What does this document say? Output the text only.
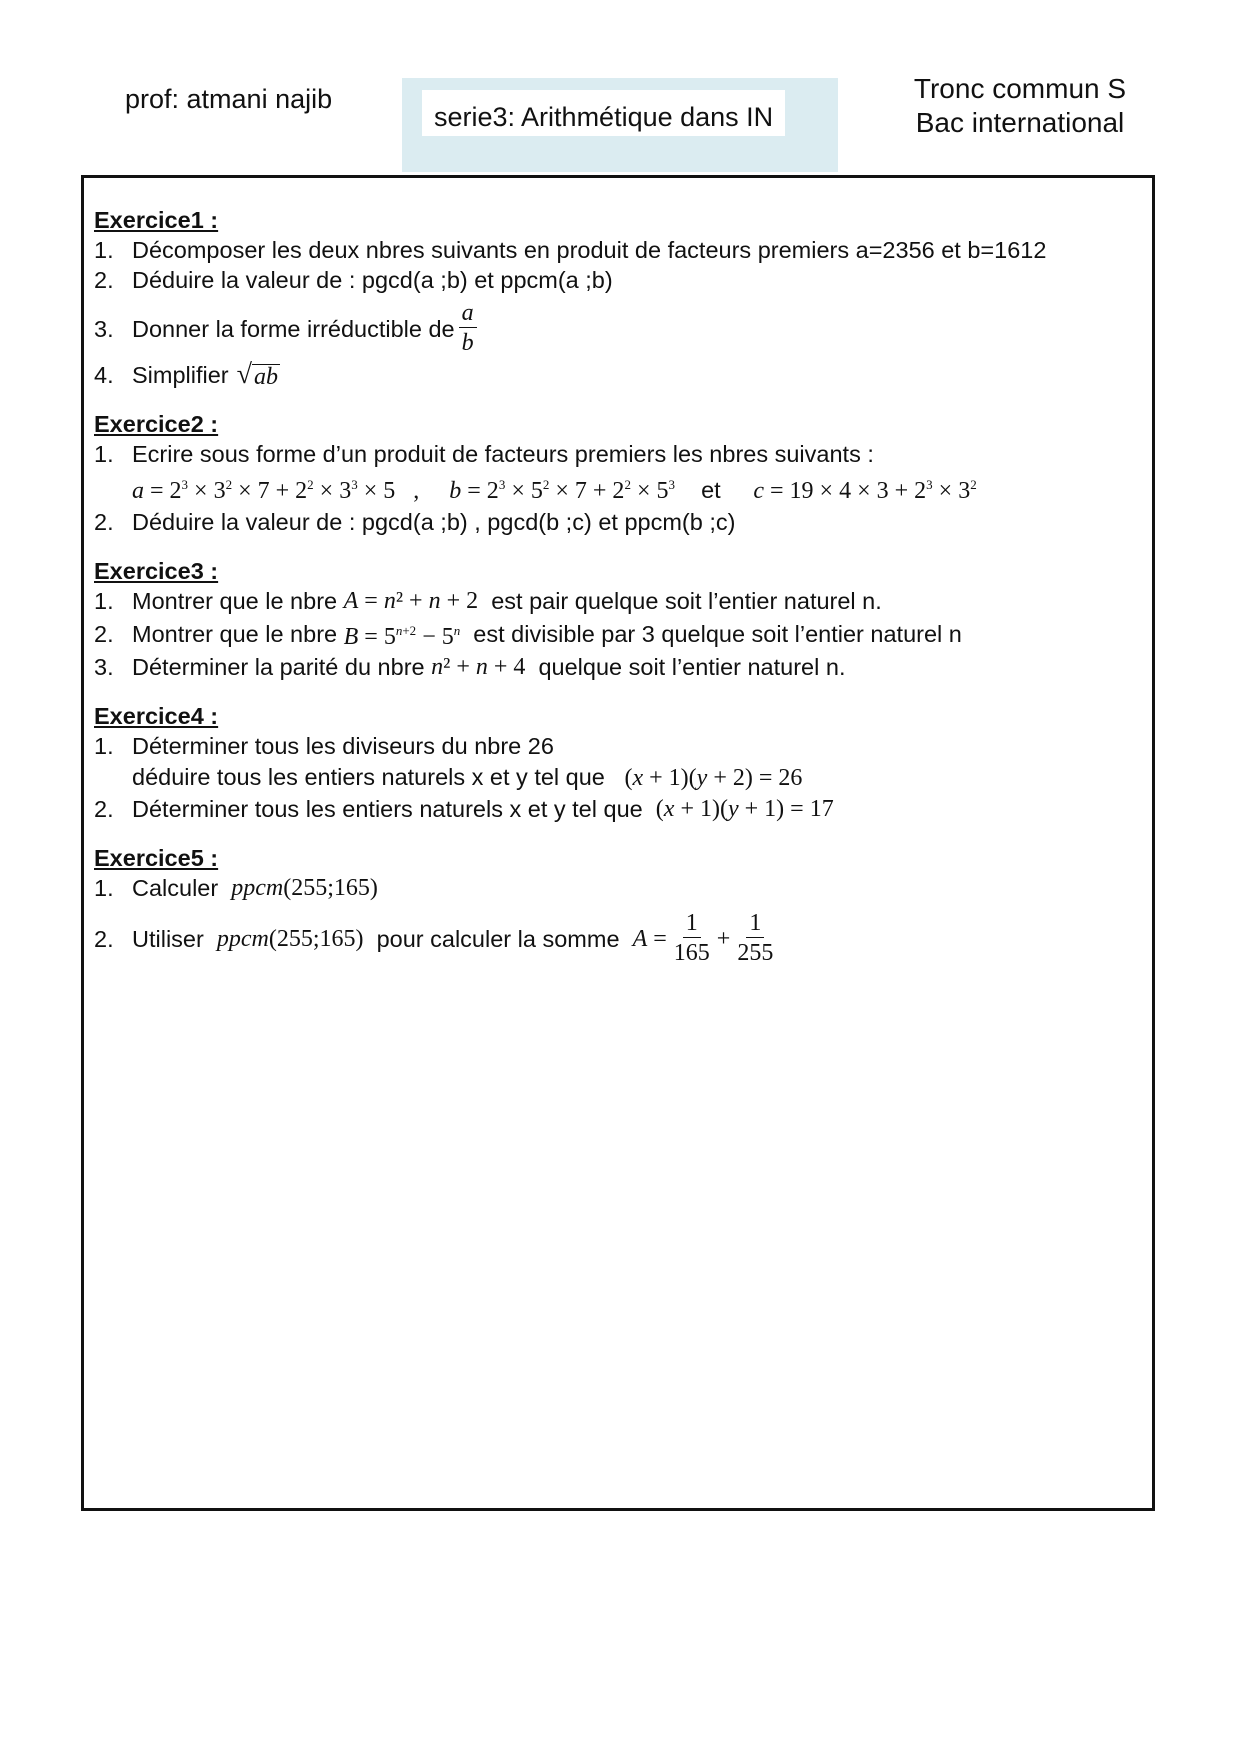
prof: atmani najib
serie3: Arithmétique dans IN
Tronc commun S
Bac international
Exercice1 :
1. Décomposer les deux nbres suivants en produit de facteurs premiers a=2356 et b=1612
2. Déduire la valeur de : pgcd(a ;b) et ppcm(a ;b)
3. Donner la forme irréductible de $\frac{a}{b}$
4. Simplifier √ ab
Exercice2 :
1. Ecrire sous forme d’un produit de facteurs premiers les nbres suivants :
$a = 2^3 \times 3^2 \times 7 + 2^2 \times 3^3 \times 5$   ,     $b = 2^3 \times 5^2 \times 7 + 2^2 \times 5^3$    et     $c = 19 \times 4 \times 3 + 2^3 \times 3^2$
2. Déduire la valeur de : pgcd(a ;b) , pgcd(b ;c) et ppcm(b ;c)
Exercice3 :
1. Montrer que le nbre
A = n² + n + 2
est pair quelque soit l’entier naturel n.
2. Montrer que le nbre
$B = 5^{n+2} - 5^n$
est divisible par 3 quelque soit l’entier naturel n
3. Déterminer la parité du nbre
n² + n + 4
quelque soit l’entier naturel n.
Exercice4 :
1. Déterminer tous les diviseurs du nbre 26
déduire tous les entiers naturels x et y tel que (x + 1)(y + 2) = 26
2. Déterminer tous les entiers naturels x et y tel que
(x + 1)(y + 1) = 17
Exercice5 :
1. Calculer
ppcm(255;165)
2. Utiliser
ppcm(255;165)
pour calculer la somme
$A = \frac{1}{165} + \frac{1}{255}$
